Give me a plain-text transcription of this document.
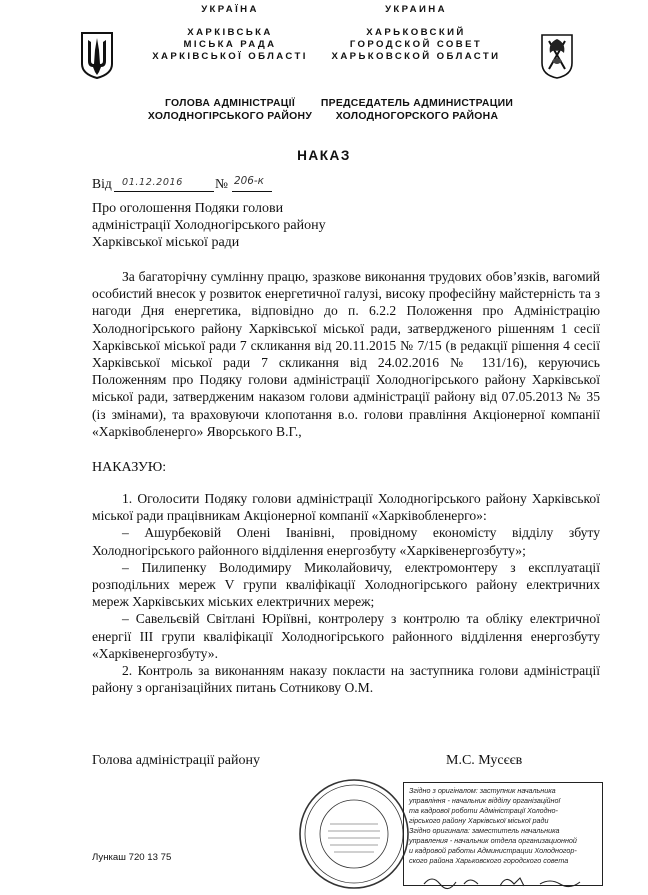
УКРАЇНА
ХАРКІВСЬКА
МІСЬКА РАДА
ХАРКІВСЬКОЇ ОБЛАСТІ
ГОЛОВА АДМІНІСТРАЦІЇ
ХОЛОДНОГІРСЬКОГО РАЙОНУ
УКРАИНА
ХАРЬКОВСКИЙ
ГОРОДСКОЙ СОВЕТ
ХАРЬКОВСКОЙ ОБЛАСТИ
ПРЕДСЕДАТЕЛЬ АДМИНИСТРАЦИИ
ХОЛОДНОГОРСКОГО РАЙОНА
НАКАЗ
Від 01.12.2016 № 206-к
Про оголошення Подяки голови
адміністрації Холодногірського району
Харківської міської ради

За багаторічну сумлінну працю, зразкове виконання трудових обов’язків, вагомий особистий внесок у розвиток енергетичної галузі, високу професійну майстерність та з нагоди Дня енергетика, відповідно до п. 6.2.2 Положення про Адміністрацію Холодногірського району Харківської міської ради, затвердженого рішенням 1 сесії Харківської міської ради 7 скликання від 20.11.2015 № 7/15 (в редакції рішення 4 сесії Харківської міської ради 7 скликання від 24.02.2016 № 131/16), керуючись Положенням про Подяку голови адміністрації Холодногірського району Харківської міської ради, затвердженим наказом голови адміністрації району від 07.05.2013 № 35 (із змінами), та враховуючи клопотання в.о. голови правління Акціонерної компанії «Харківобленерго» Яворського В.Г.,

НАКАЗУЮ:

1. Оголосити Подяку голови адміністрації Холодногірського району Харківської міської ради працівникам Акціонерної компанії «Харківобленерго»:

– Ашурбековій Олені Іванівні, провідному економісту відділу збуту Холодногірського районного відділення енергозбуту «Харківенергозбуту»;

– Пилипенку Володимиру Миколайовичу, електромонтеру з експлуатації розподільних мереж V групи кваліфікації Холодногірського району електричних мереж Харківських міських електричних мереж;

– Савельєвій Світлані Юріївні, контролеру з контролю та обліку електричної енергії III групи кваліфікації Холодногірського районного відділення енергозбуту «Харківенергозбуту».

2. Контроль за виконанням наказу покласти на заступника голови адміністрації району з організаційних питань Сотникову О.М.

Голова адміністрації району	М.С. Мусєєв
Згідно з оригіналом: заступник начальника
управління - начальник відділу організаційної
та кадрової роботи Адміністрації Холодно-
гірського району Харківської міської ради
Згідно оригинала: заместитель начальника
управления - начальник отдела организационной
и кадровой работы Администрации Холодногор-
ского района Харьковского городского совета
Лункаш 720 13 75
